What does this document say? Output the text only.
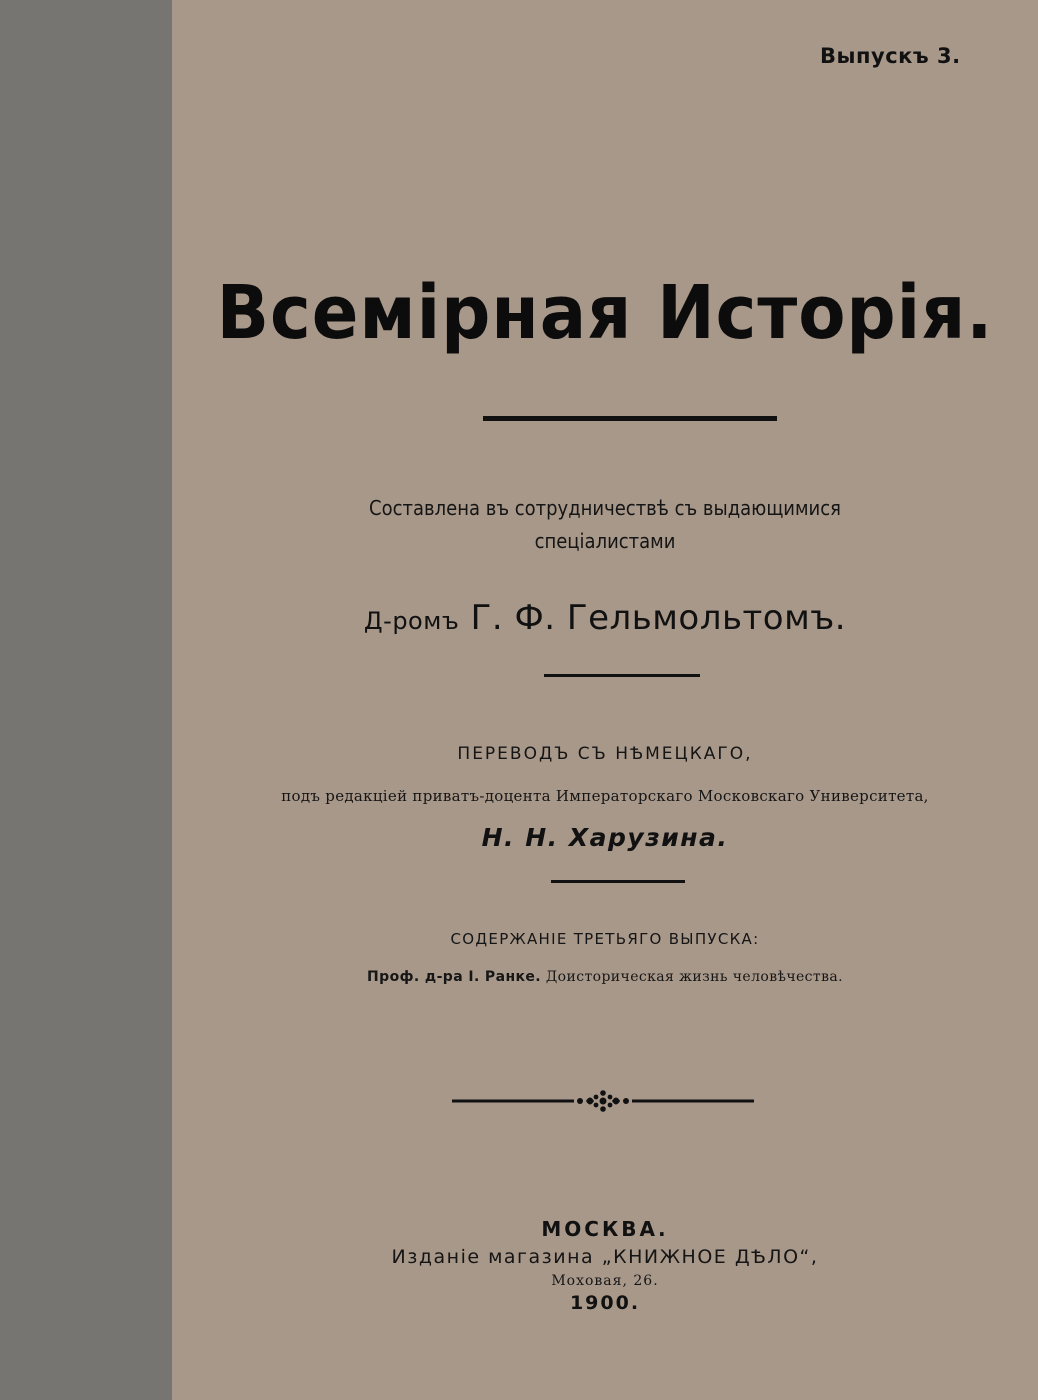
Выпускъ 3.
Всемірная Исторія.
Составлена въ сотрудничествѣ съ выдающимися
спеціалистами
Д-ромъ Г. Ф. Гельмольтомъ.
ПЕРЕВОДЪ СЪ НѢМЕЦКАГО,
подъ редакціей приватъ-доцента Императорскаго Московскаго Университета,
Н. Н. Харузина.
СОДЕРЖАНІЕ ТРЕТЬЯГО ВЫПУСКА:
Проф. д-ра І. Ранке. Доисторическая жизнь человѣчества.
МОСКВА.
Изданіе магазина „КНИЖНОЕ ДѢЛО“,
Моховая, 26.
1900.
